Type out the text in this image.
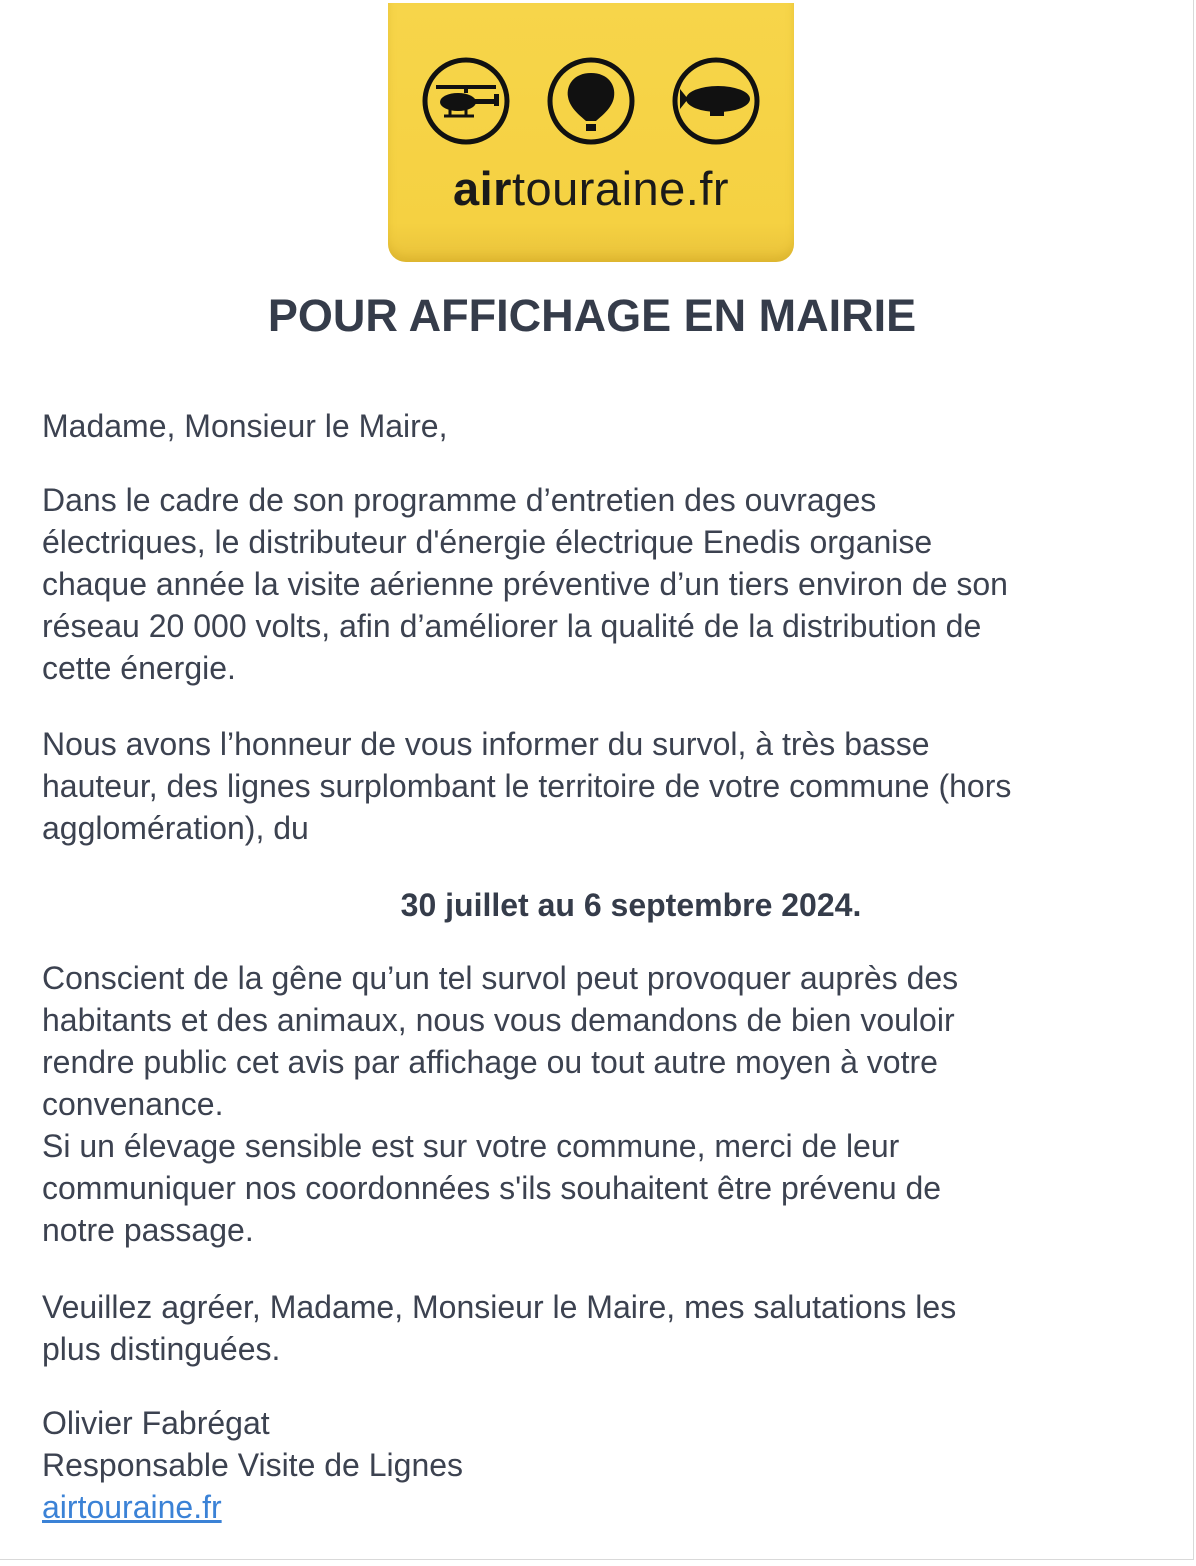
airtouraine.fr
POUR AFFICHAGE EN MAIRIE

Madame, Monsieur le Maire,

Dans le cadre de son programme d’entretien des ouvrages
électriques, le distributeur d'énergie électrique Enedis organise
chaque année la visite aérienne préventive d’un tiers environ de son
réseau 20 000 volts, afin d’améliorer la qualité de la distribution de
cette énergie.

Nous avons l’honneur de vous informer du survol, à très basse
hauteur, des lignes surplombant le territoire de votre commune (hors
agglomération), du

30 juillet au 6 septembre 2024.

Conscient de la gêne qu’un tel survol peut provoquer auprès des
habitants et des animaux, nous vous demandons de bien vouloir
rendre public cet avis par affichage ou tout autre moyen à votre
convenance.
Si un élevage sensible est sur votre commune, merci de leur
communiquer nos coordonnées s'ils souhaitent être prévenu de
notre passage.

Veuillez agréer, Madame, Monsieur le Maire, mes salutations les
plus distinguées.

Olivier Fabrégat
Responsable Visite de Lignes
airtouraine.fr
